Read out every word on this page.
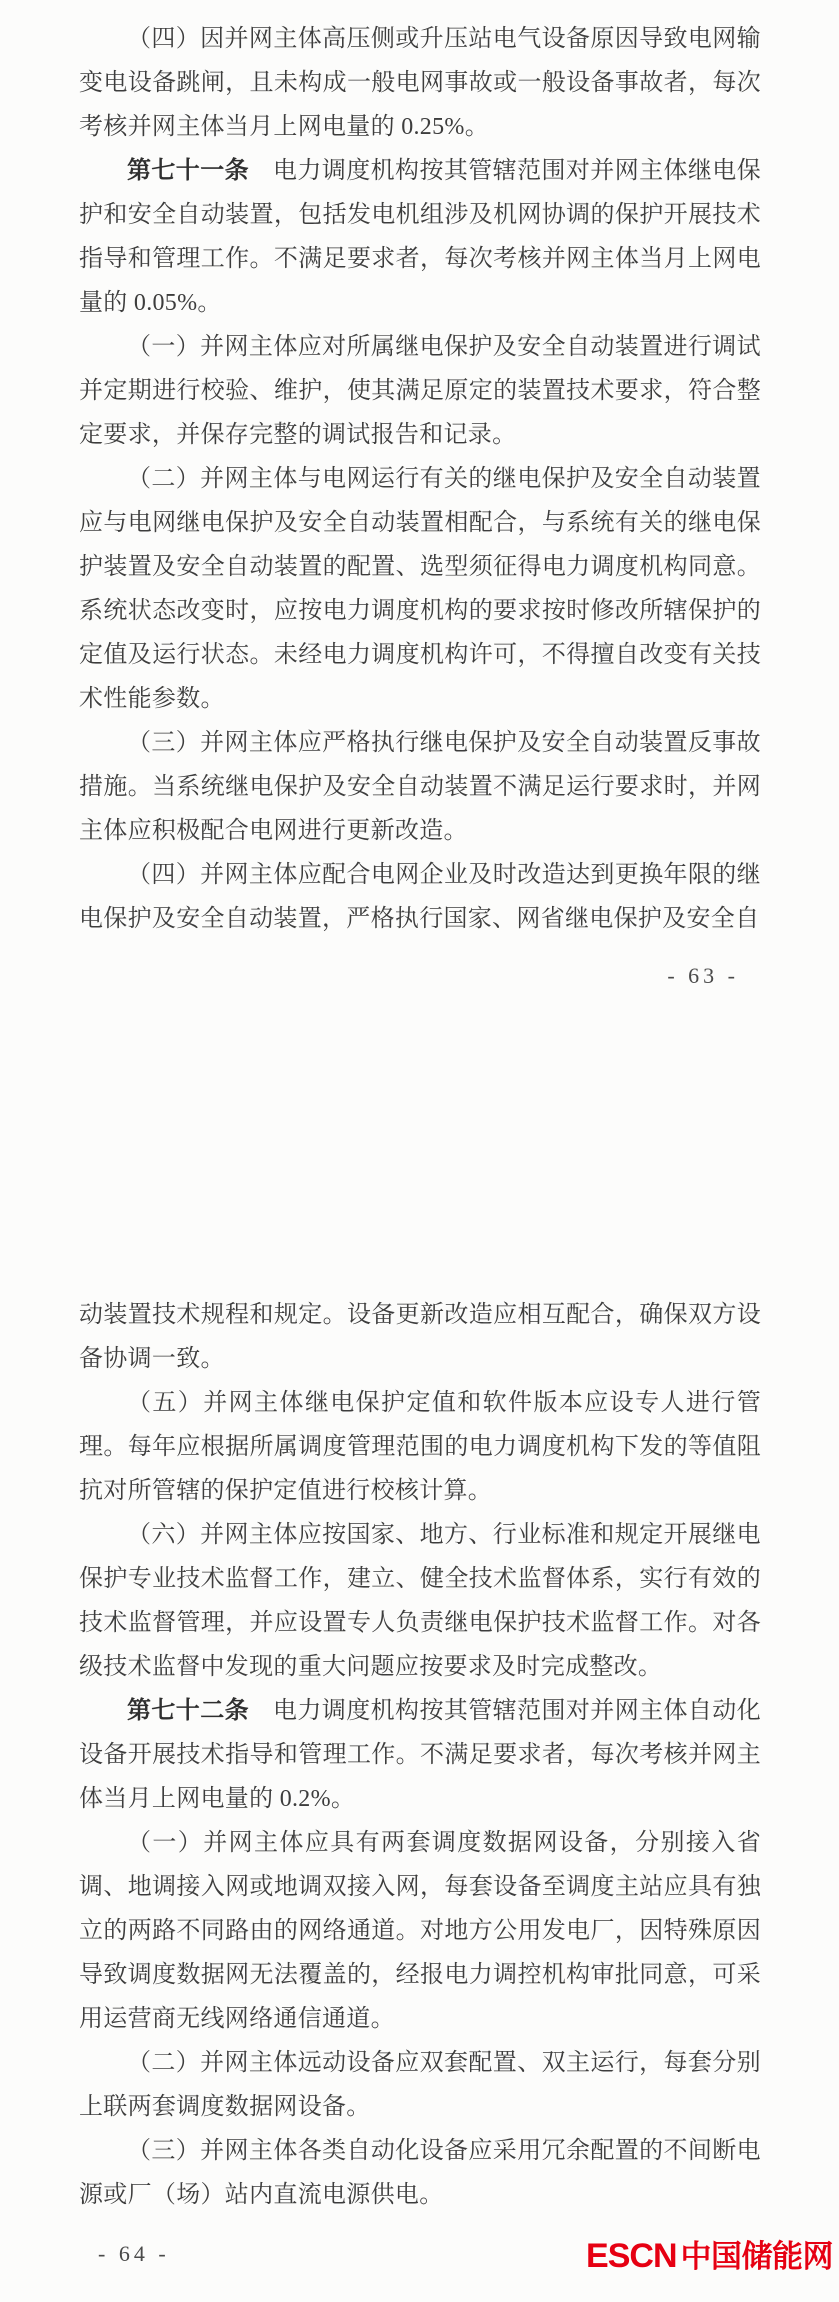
（四）因并网主体高压侧或升压站电气设备原因导致电网输变电设备跳闸，且未构成一般电网事故或一般设备事故者，每次考核并网主体当月上网电量的 0.25%。

第七十一条 电力调度机构按其管辖范围对并网主体继电保护和安全自动装置，包括发电机组涉及机网协调的保护开展技术指导和管理工作。不满足要求者，每次考核并网主体当月上网电量的 0.05%。

（一）并网主体应对所属继电保护及安全自动装置进行调试并定期进行校验、维护，使其满足原定的装置技术要求，符合整定要求，并保存完整的调试报告和记录。

（二）并网主体与电网运行有关的继电保护及安全自动装置应与电网继电保护及安全自动装置相配合，与系统有关的继电保护装置及安全自动装置的配置、选型须征得电力调度机构同意。系统状态改变时，应按电力调度机构的要求按时修改所辖保护的定值及运行状态。未经电力调度机构许可，不得擅自改变有关技术性能参数。

（三）并网主体应严格执行继电保护及安全自动装置反事故措施。当系统继电保护及安全自动装置不满足运行要求时，并网主体应积极配合电网进行更新改造。

（四）并网主体应配合电网企业及时改造达到更换年限的继电保护及安全自动装置，严格执行国家、网省继电保护及安全自

- 63 -

动装置技术规程和规定。设备更新改造应相互配合，确保双方设备协调一致。

（五）并网主体继电保护定值和软件版本应设专人进行管理。每年应根据所属调度管理范围的电力调度机构下发的等值阻抗对所管辖的保护定值进行校核计算。

（六）并网主体应按国家、地方、行业标准和规定开展继电保护专业技术监督工作，建立、健全技术监督体系，实行有效的技术监督管理，并应设置专人负责继电保护技术监督工作。对各级技术监督中发现的重大问题应按要求及时完成整改。

第七十二条 电力调度机构按其管辖范围对并网主体自动化设备开展技术指导和管理工作。不满足要求者，每次考核并网主体当月上网电量的 0.2%。

（一）并网主体应具有两套调度数据网设备，分别接入省调、地调接入网或地调双接入网，每套设备至调度主站应具有独立的两路不同路由的网络通道。对地方公用发电厂，因特殊原因导致调度数据网无法覆盖的，经报电力调控机构审批同意，可采用运营商无线网络通信通道。

（二）并网主体远动设备应双套配置、双主运行，每套分别上联两套调度数据网设备。

（三）并网主体各类自动化设备应采用冗余配置的不间断电源或厂（场）站内直流电源供电。

- 64 -	ESCN 中国储能网
